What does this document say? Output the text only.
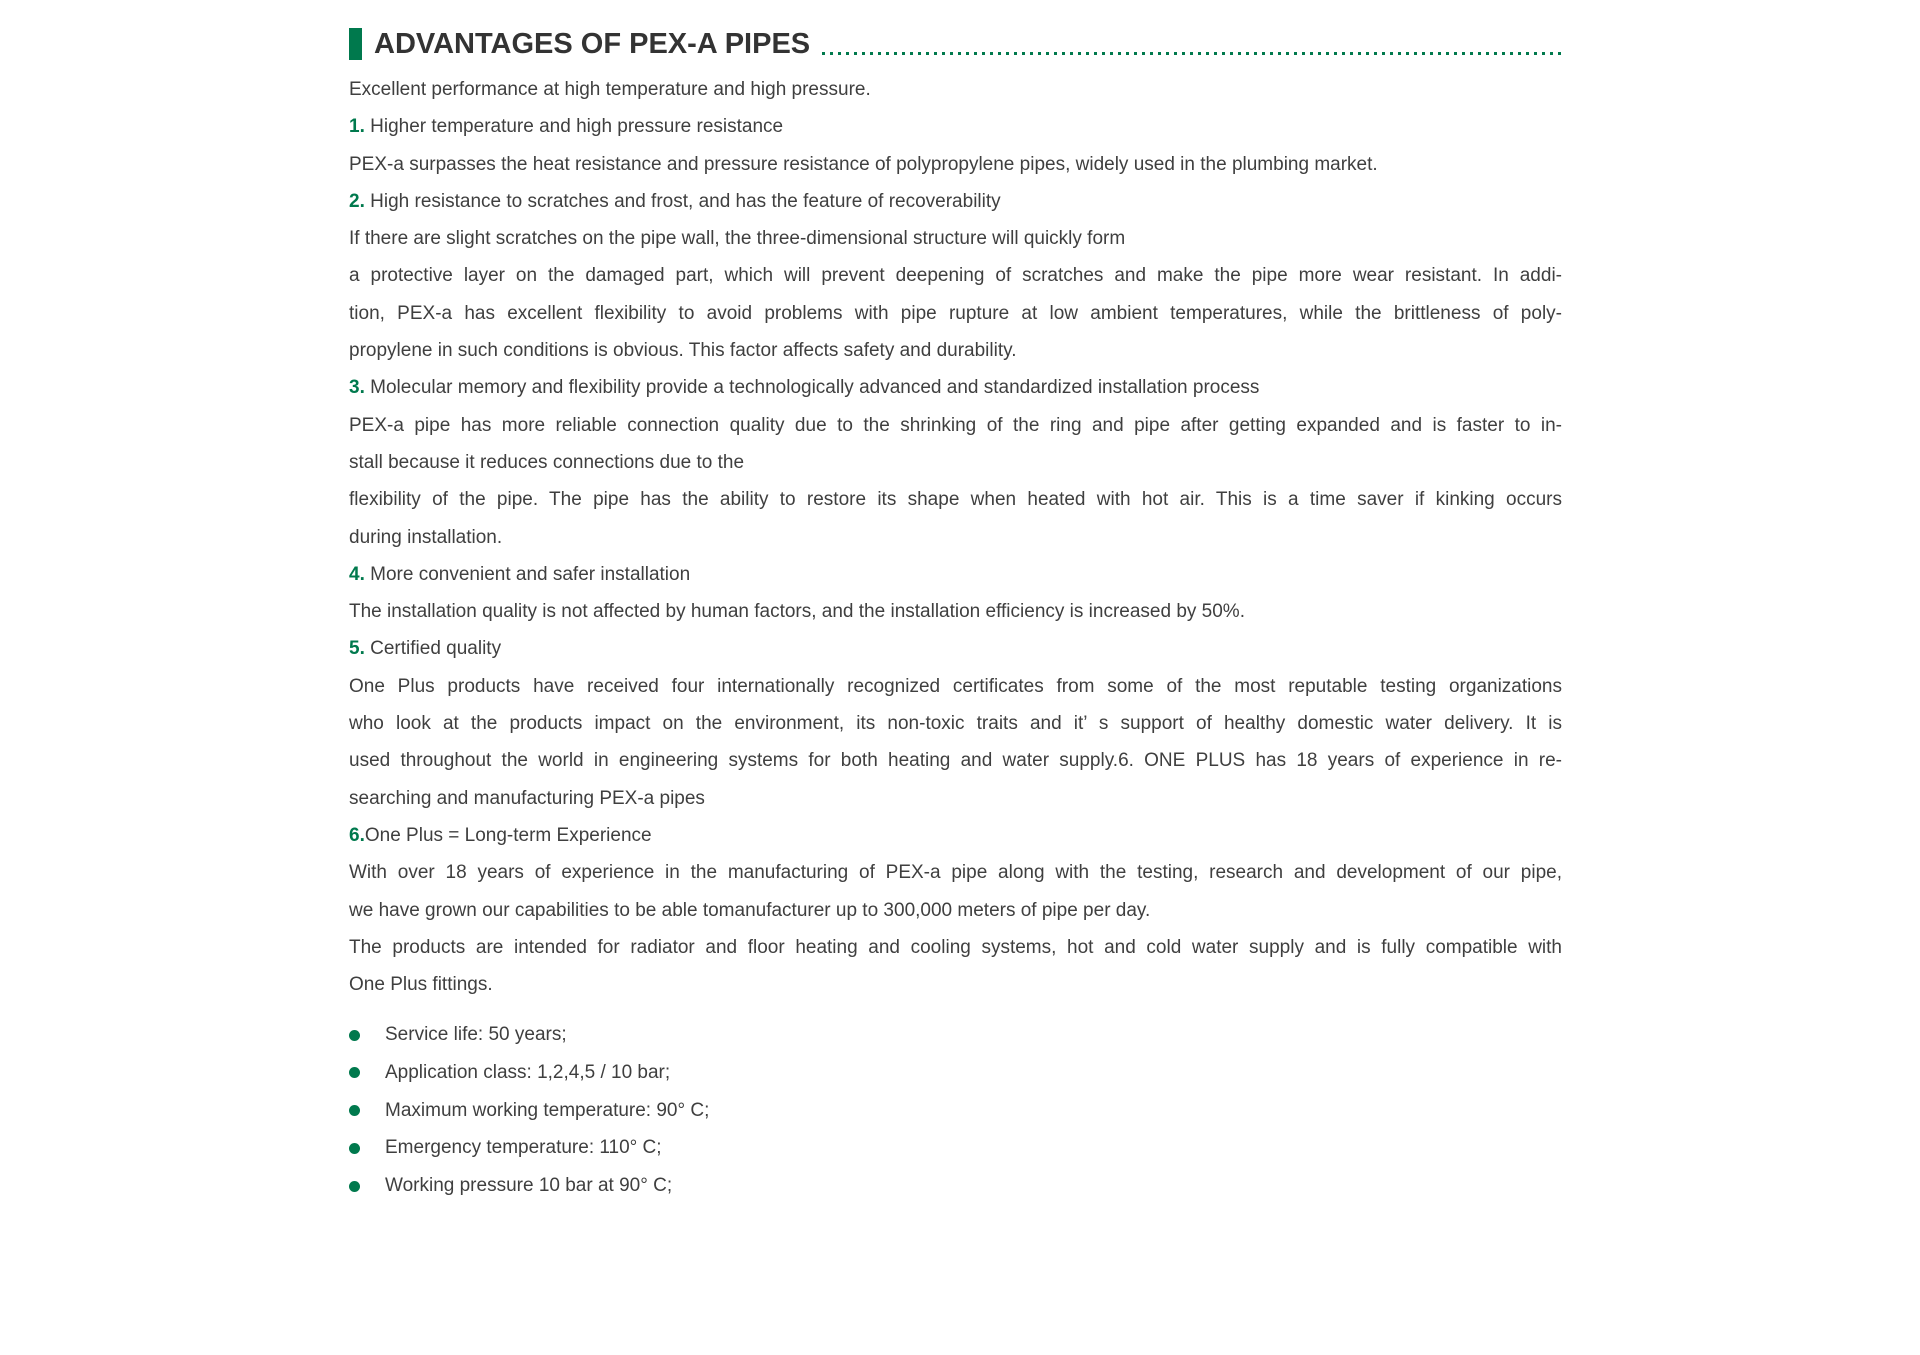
ADVANTAGES OF PEX-A PIPES
Excellent performance at high temperature and high pressure.
1. Higher temperature and high pressure resistance
PEX-a surpasses the heat resistance and pressure resistance of polypropylene pipes, widely used in the plumbing market.
2. High resistance to scratches and frost, and has the feature of recoverability
If there are slight scratches on the pipe wall, the three-dimensional structure will quickly form
a protective layer on the damaged part, which will prevent deepening of scratches and make the pipe more wear resistant. In addi-
tion, PEX-a has excellent flexibility to avoid problems with pipe rupture at low ambient temperatures, while the brittleness of poly-
propylene in such conditions is obvious. This factor affects safety and durability.
3. Molecular memory and flexibility provide a technologically advanced and standardized installation process
PEX-a pipe has more reliable connection quality due to the shrinking of the ring and pipe after getting expanded and is faster to in-
stall because it reduces connections due to the
flexibility of the pipe. The pipe has the ability to restore its shape when heated with hot air. This is a time saver if kinking occurs
during installation.
4. More convenient and safer installation
The installation quality is not affected by human factors, and the installation efficiency is increased by 50%.
5. Certified quality
One Plus products have received four internationally recognized certificates from some of the most reputable testing organizations
who look at the products impact on the environment, its non-toxic traits and it’ s support of healthy domestic water delivery. It is
used throughout the world in engineering systems for both heating and water supply.6. ONE PLUS has 18 years of experience in re-
searching and manufacturing PEX-a pipes
6.One Plus = Long-term Experience
With over 18 years of experience in the manufacturing of PEX-a pipe along with the testing, research and development of our pipe,
we have grown our capabilities to be able tomanufacturer up to 300,000 meters of pipe per day.
The products are intended for radiator and floor heating and cooling systems, hot and cold water supply and is fully compatible with
One Plus fittings.
Service life: 50 years;
Application class: 1,2,4,5 / 10 bar;
Maximum working temperature: 90° C;
Emergency temperature: 110° C;
Working pressure 10 bar at 90° C;
